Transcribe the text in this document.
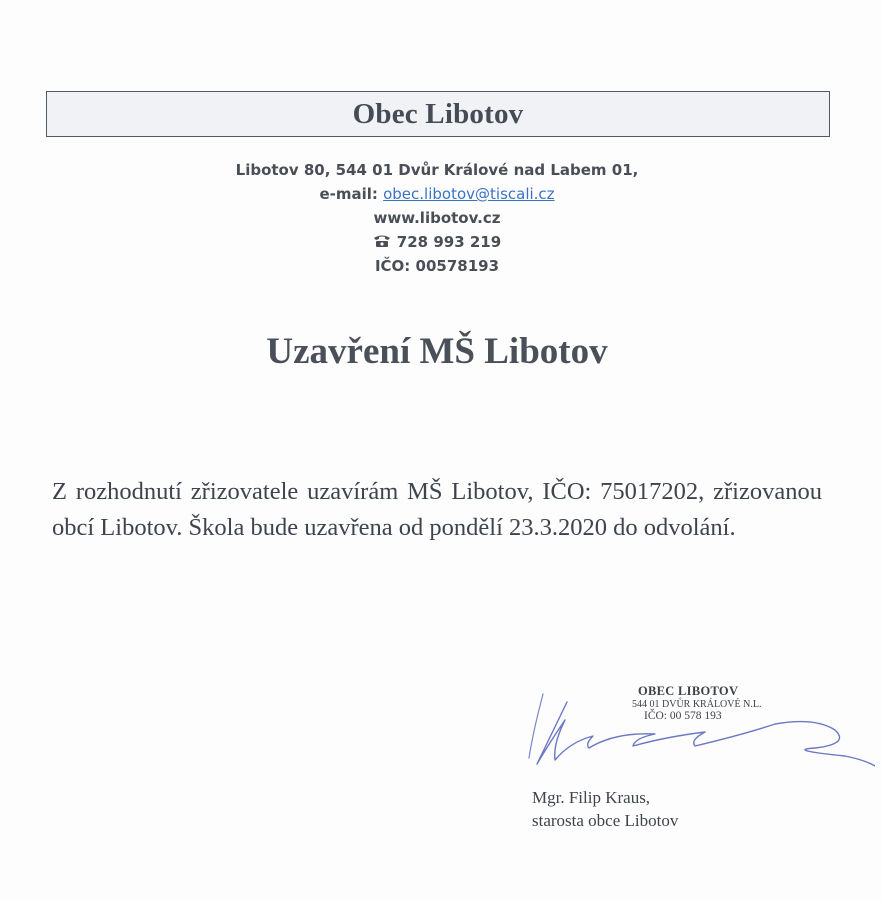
Obec Libotov
Libotov 80, 544 01 Dvůr Králové nad Labem 01,
e-mail: obec.libotov@tiscali.cz
www.libotov.cz
728 993 219
IČO: 00578193
Uzavření MŠ Libotov
Z rozhodnutí zřizovatele uzavírám MŠ Libotov, IČO: 75017202, zřizovanou obcí Libotov. Škola bude uzavřena od pondělí 23.3.2020 do odvolání.
OBEC LIBOTOV
544 01 DVŮR KRÁLOVÉ N.L.
IČO: 00 578 193
Mgr. Filip Kraus,
starosta obce Libotov
